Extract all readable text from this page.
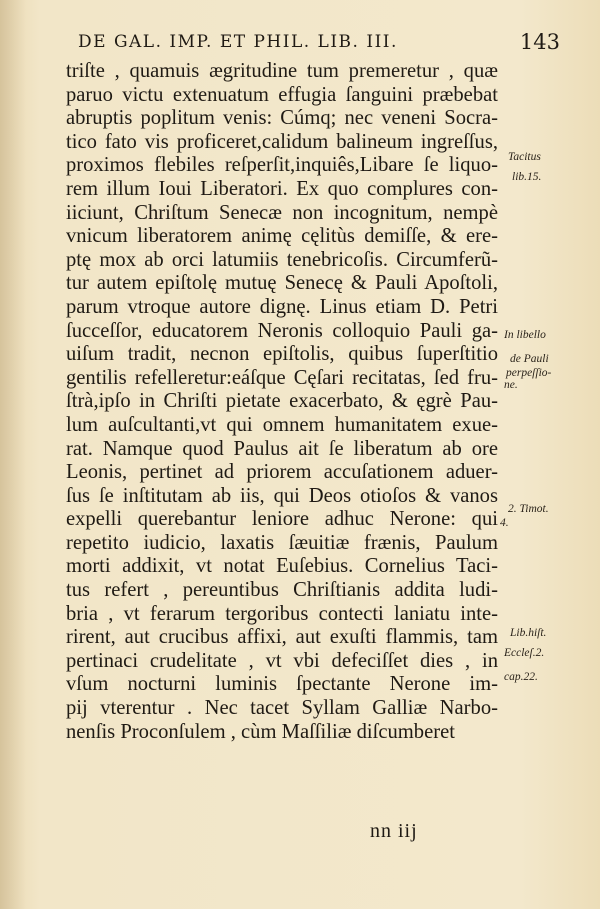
DE GAL. IMP. ET PHIL. LIB. III.	143
triſte , quamuis ægritudine tum premeretur , quæ
paruo victu extenuatum effugia ſanguini præbebat
abruptis poplitum venis: Cúmq; nec veneni Socra-
tico fato vis proficeret,calidum balineum ingreſſus,
proximos flebiles reſperſit,inquiês,Libare ſe liquo-
rem illum Ioui Liberatori. Ex quo complures con-
iiciunt, Chriſtum Senecæ non incognitum, nempè
vnicum liberatorem animę cęlitùs demiſſe, & ere-
ptę mox ab orci latumiis tenebricoſis. Circumferũ-
tur autem epiſtolę mutuę Senecę & Pauli Apoſtoli,
parum vtroque autore dignę. Linus etiam D. Petri
ſucceſſor, educatorem Neronis colloquio Pauli ga-
uiſum tradit, necnon epiſtolis, quibus ſuperſtitio
gentilis refelleretur:eáſque Cęſari recitatas, ſed fru-
ſtrà,ipſo in Chriſti pietate exacerbato, & ęgrè Pau-
lum auſcultanti,vt qui omnem humanitatem exue-
rat. Namque quod Paulus ait ſe liberatum ab ore
Leonis, pertinet ad priorem accuſationem aduer-
ſus ſe inſtitutam ab iis, qui Deos otioſos & vanos
expelli querebantur leniore adhuc Nerone: qui
repetito iudicio, laxatis ſæuitiæ frænis, Paulum
morti addixit, vt notat Euſebius. Cornelius Taci-
tus refert , pereuntibus Chriſtianis addita ludi-
bria , vt ferarum tergoribus contecti laniatu inte-
rirent, aut crucibus affixi, aut exuſti flammis, tam
pertinaci crudelitate , vt vbi defeciſſet dies , in
vſum nocturni luminis ſpectante Nerone im-
pij vterentur . Nec tacet Syllam Galliæ Narbo-
nenſis Proconſulem , cùm Maſſiliæ diſcumberet
Tacitus
lib.15.
In libello
de Pauli
perpeſſio-
ne.
2. Timot.
4.
Lib.hiſt.
Eccleſ.2.
cap.22.
nn iij
